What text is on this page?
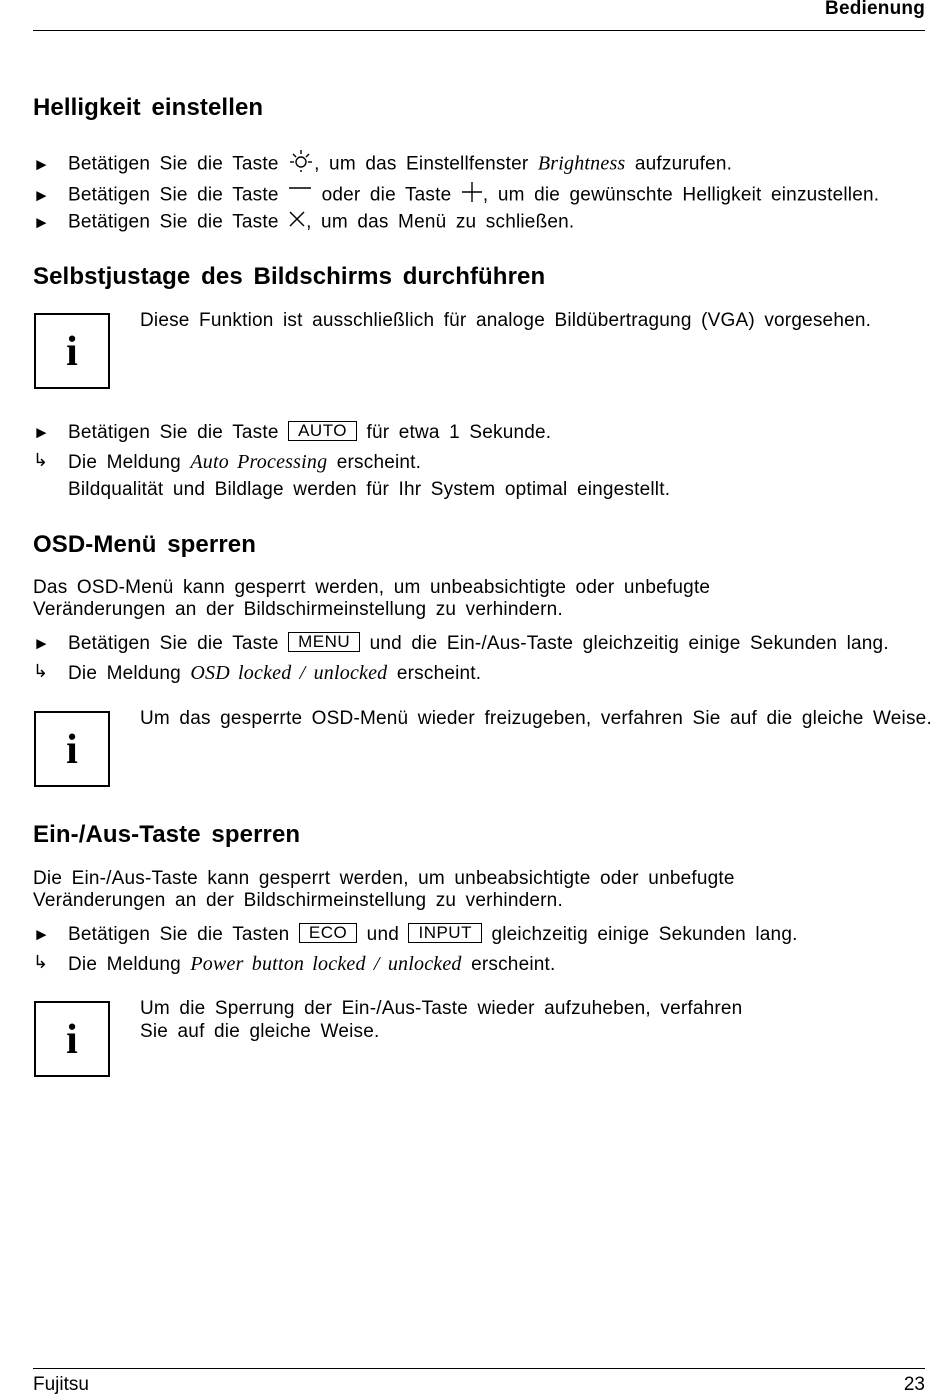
Bedienung
Helligkeit einstellen

► Betätigen Sie die Taste , um das Einstellfenster Brightness aufzurufen.

► Betätigen Sie die Taste  oder die Taste , um die gewünschte Helligkeit einzustellen.

► Betätigen Sie die Taste , um das Menü zu schließen.

Selbstjustage des Bildschirms durchführen
i

Diese Funktion ist ausschließlich für analoge Bildübertragung (VGA) vorgesehen.

► Betätigen Sie die Taste AUTO für etwa 1 Sekunde.

↳ Die Meldung Auto Processing erscheint.

Bildqualität und Bildlage werden für Ihr System optimal eingestellt.

OSD-Menü sperren

Das OSD-Menü kann gesperrt werden, um unbeabsichtigte oder unbefugte
Veränderungen an der Bildschirmeinstellung zu verhindern.

► Betätigen Sie die Taste MENU und die Ein-/Aus-Taste gleichzeitig einige Sekunden lang.

↳ Die Meldung OSD locked / unlocked erscheint.

i

Um das gesperrte OSD-Menü wieder freizugeben, verfahren Sie auf die gleiche Weise.

Ein-/Aus-Taste sperren

Die Ein-/Aus-Taste kann gesperrt werden, um unbeabsichtigte oder unbefugte
Veränderungen an der Bildschirmeinstellung zu verhindern.

► Betätigen Sie die Tasten ECO und INPUT gleichzeitig einige Sekunden lang.

↳ Die Meldung Power button locked / unlocked erscheint.

i

Um die Sperrung der Ein-/Aus-Taste wieder aufzuheben, verfahren
Sie auf die gleiche Weise.

Fujitsu	23
